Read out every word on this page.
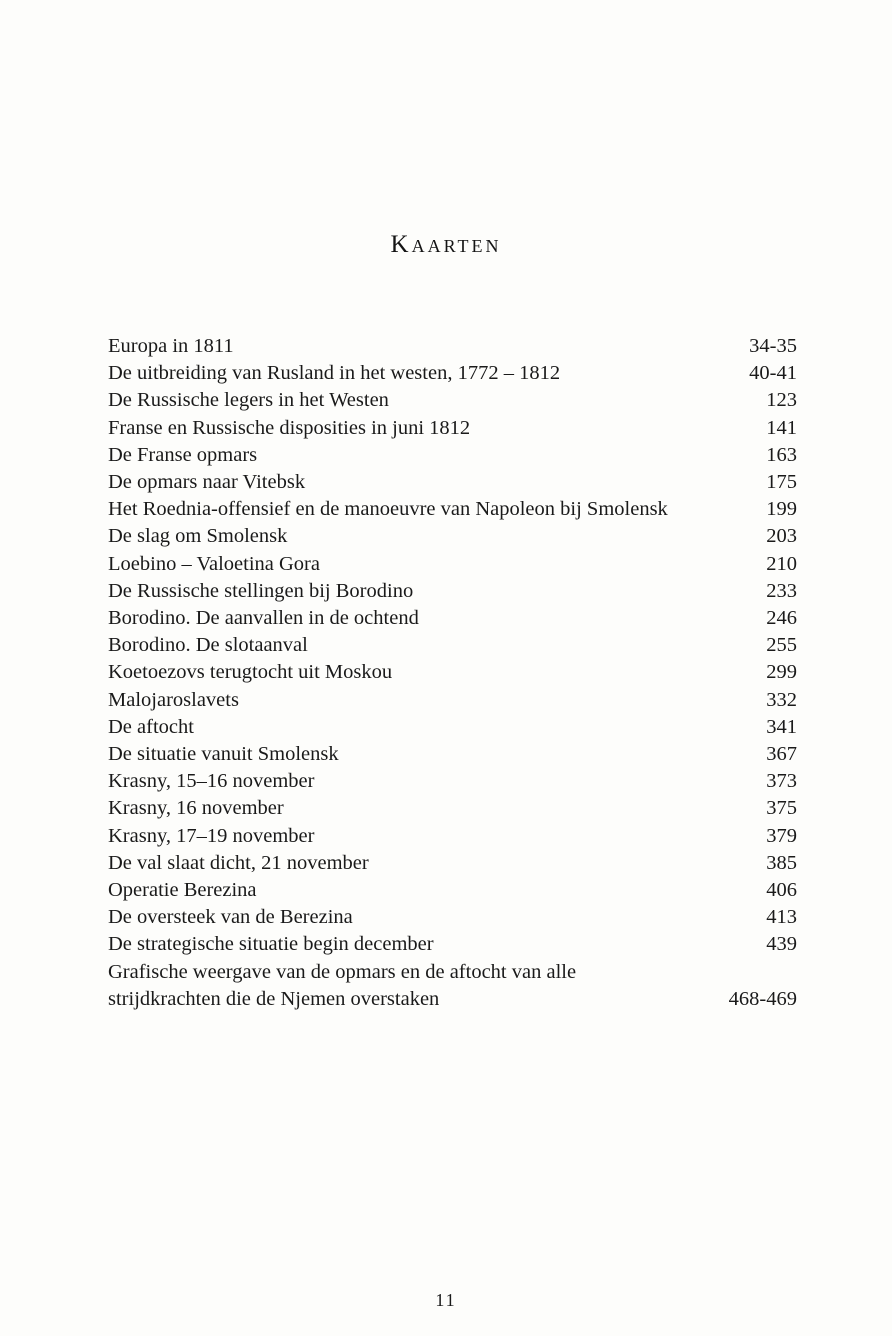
Kaarten
Europa in 1811	34-35
De uitbreiding van Rusland in het westen, 1772 – 1812	40-41
De Russische legers in het Westen	123
Franse en Russische disposities in juni 1812	141
De Franse opmars	163
De opmars naar Vitebsk	175
Het Roednia-offensief en de manoeuvre van Napoleon bij Smolensk	199
De slag om Smolensk	203
Loebino – Valoetina Gora	210
De Russische stellingen bij Borodino	233
Borodino. De aanvallen in de ochtend	246
Borodino. De slotaanval	255
Koetoezovs terugtocht uit Moskou	299
Malojaroslavets	332
De aftocht	341
De situatie vanuit Smolensk	367
Krasny, 15–16 november	373
Krasny, 16 november	375
Krasny, 17–19 november	379
De val slaat dicht, 21 november	385
Operatie Berezina	406
De oversteek van de Berezina	413
De strategische situatie begin december	439
Grafische weergave van de opmars en de aftocht van alle
strijdkrachten die de Njemen overstaken	468-469
11
